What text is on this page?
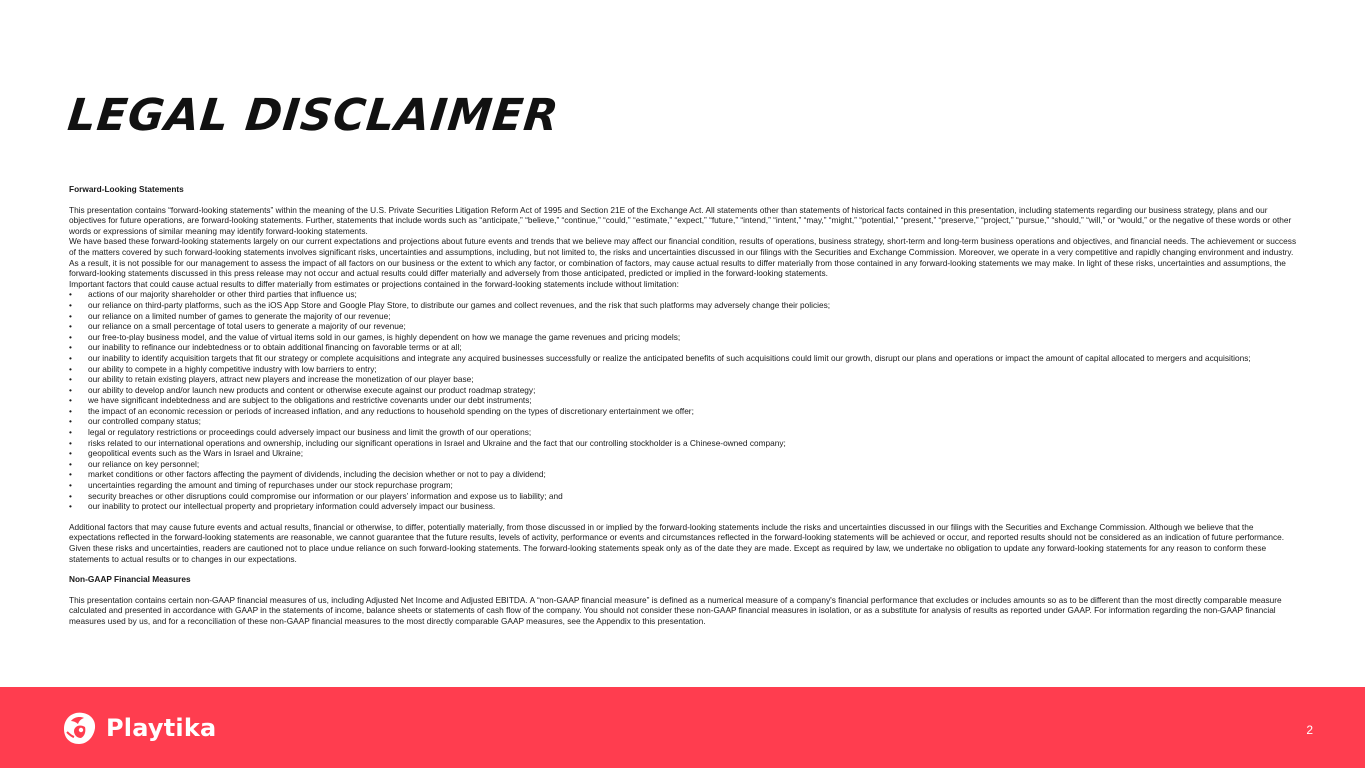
LEGAL DISCLAIMER
Forward-Looking Statements

This presentation contains “forward-looking statements” within the meaning of the U.S. Private Securities Litigation Reform Act of 1995 and Section 21E of the Exchange Act. All statements other than statements of historical facts contained in this presentation, including statements regarding our business strategy, plans and our objectives for future operations, are forward-looking statements. Further, statements that include words such as “anticipate,” “believe,” “continue,” “could,” “estimate,” “expect,” “future,” “intend,” “intent,” “may,” “might,” “potential,” “present,” “preserve,” “project,” “pursue,” “should,” “will,” or “would,” or the negative of these words or other words or expressions of similar meaning may identify forward-looking statements.

We have based these forward-looking statements largely on our current expectations and projections about future events and trends that we believe may affect our financial condition, results of operations, business strategy, short-term and long-term business operations and objectives, and financial needs. The achievement or success of the matters covered by such forward-looking statements involves significant risks, uncertainties and assumptions, including, but not limited to, the risks and uncertainties discussed in our filings with the Securities and Exchange Commission. Moreover, we operate in a very competitive and rapidly changing environment and industry. As a result, it is not possible for our management to assess the impact of all factors on our business or the extent to which any factor, or combination of factors, may cause actual results to differ materially from those contained in any forward-looking statements we may make. In light of these risks, uncertainties and assumptions, the forward-looking statements discussed in this press release may not occur and actual results could differ materially and adversely from those anticipated, predicted or implied in the forward-looking statements.

Important factors that could cause actual results to differ materially from estimates or projections contained in the forward-looking statements include without limitation:

• actions of our majority shareholder or other third parties that influence us;
• our reliance on third-party platforms, such as the iOS App Store and Google Play Store, to distribute our games and collect revenues, and the risk that such platforms may adversely change their policies;
• our reliance on a limited number of games to generate the majority of our revenue;
• our reliance on a small percentage of total users to generate a majority of our revenue;
• our free-to-play business model, and the value of virtual items sold in our games, is highly dependent on how we manage the game revenues and pricing models;
• our inability to refinance our indebtedness or to obtain additional financing on favorable terms or at all;
• our inability to identify acquisition targets that fit our strategy or complete acquisitions and integrate any acquired businesses successfully or realize the anticipated benefits of such acquisitions could limit our growth, disrupt our plans and operations or impact the amount of capital allocated to mergers and acquisitions;
• our ability to compete in a highly competitive industry with low barriers to entry;
• our ability to retain existing players, attract new players and increase the monetization of our player base;
• our ability to develop and/or launch new products and content or otherwise execute against our product roadmap strategy;
• we have significant indebtedness and are subject to the obligations and restrictive covenants under our debt instruments;
• the impact of an economic recession or periods of increased inflation, and any reductions to household spending on the types of discretionary entertainment we offer;
• our controlled company status;
• legal or regulatory restrictions or proceedings could adversely impact our business and limit the growth of our operations;
• risks related to our international operations and ownership, including our significant operations in Israel and Ukraine and the fact that our controlling stockholder is a Chinese-owned company;
• geopolitical events such as the Wars in Israel and Ukraine;
• our reliance on key personnel;
• market conditions or other factors affecting the payment of dividends, including the decision whether or not to pay a dividend;
• uncertainties regarding the amount and timing of repurchases under our stock repurchase program;
• security breaches or other disruptions could compromise our information or our players’ information and expose us to liability; and
• our inability to protect our intellectual property and proprietary information could adversely impact our business.

Additional factors that may cause future events and actual results, financial or otherwise, to differ, potentially materially, from those discussed in or implied by the forward-looking statements include the risks and uncertainties discussed in our filings with the Securities and Exchange Commission. Although we believe that the expectations reflected in the forward-looking statements are reasonable, we cannot guarantee that the future results, levels of activity, performance or events and circumstances reflected in the forward-looking statements will be achieved or occur, and reported results should not be considered as an indication of future performance. Given these risks and uncertainties, readers are cautioned not to place undue reliance on such forward-looking statements. The forward-looking statements speak only as of the date they are made. Except as required by law, we undertake no obligation to update any forward-looking statements for any reason to conform these statements to actual results or to changes in our expectations.

Non-GAAP Financial Measures

This presentation contains certain non-GAAP financial measures of us, including Adjusted Net Income and Adjusted EBITDA. A “non-GAAP financial measure” is defined as a numerical measure of a company's financial performance that excludes or includes amounts so as to be different than the most directly comparable measure calculated and presented in accordance with GAAP in the statements of income, balance sheets or statements of cash flow of the company. You should not consider these non-GAAP financial measures in isolation, or as a substitute for analysis of results as reported under GAAP. For information regarding the non-GAAP financial measures used by us, and for a reconciliation of these non-GAAP financial measures to the most directly comparable GAAP measures, see the Appendix to this presentation.

Playtika	2
